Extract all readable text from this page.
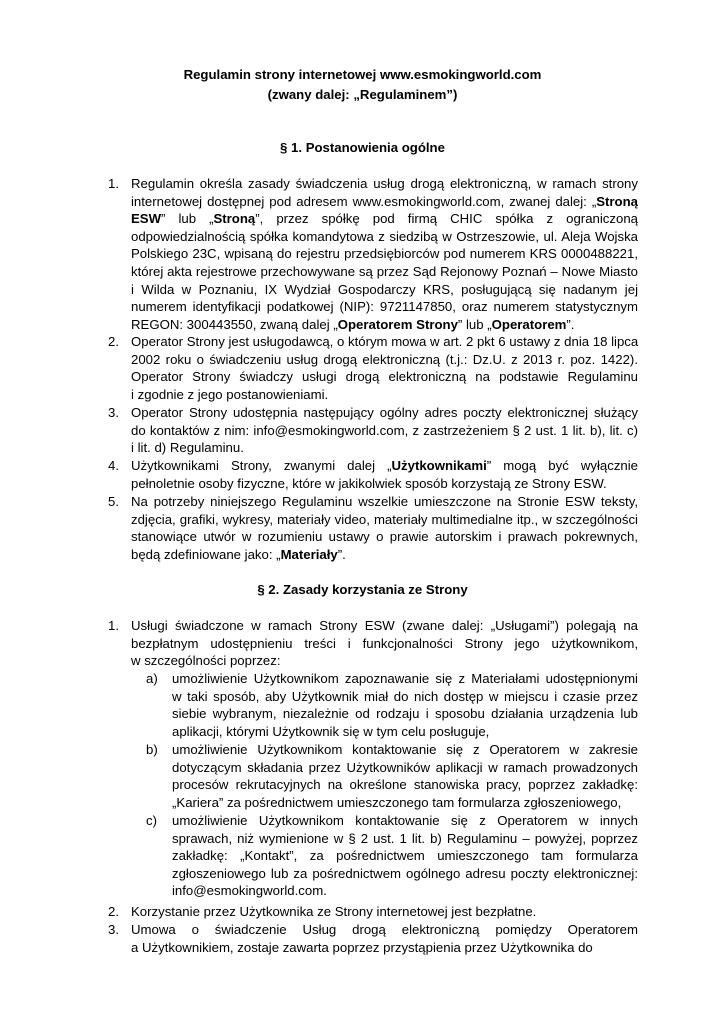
Regulamin strony internetowej www.esmokingworld.com
(zwany dalej: „Regulaminem”)
§ 1. Postanowienia ogólne
1. Regulamin określa zasady świadczenia usług drogą elektroniczną, w ramach strony
internetowej dostępnej pod adresem www.esmokingworld.com, zwanej dalej: „Stroną
ESW” lub „Stroną”, przez spółkę pod firmą CHIC spółka z ograniczoną
odpowiedzialnością spółka komandytowa z siedzibą w Ostrzeszowie, ul. Aleja Wojska
Polskiego 23C, wpisaną do rejestru przedsiębiorców pod numerem KRS 0000488221,
której akta rejestrowe przechowywane są przez Sąd Rejonowy Poznań – Nowe Miasto
i Wilda w Poznaniu, IX Wydział Gospodarczy KRS, posługującą się nadanym jej
numerem identyfikacji podatkowej (NIP): 9721147850, oraz numerem statystycznym
REGON: 300443550, zwaną dalej „Operatorem Strony” lub „Operatorem”.
2. Operator Strony jest usługodawcą, o którym mowa w art. 2 pkt 6 ustawy z dnia 18 lipca
2002 roku o świadczeniu usług drogą elektroniczną (t.j.: Dz.U. z 2013 r. poz. 1422).
Operator Strony świadczy usługi drogą elektroniczną na podstawie Regulaminu
i zgodnie z jego postanowieniami.
3. Operator Strony udostępnia następujący ogólny adres poczty elektronicznej służący
do kontaktów z nim: info@esmokingworld.com, z zastrzeżeniem § 2 ust. 1 lit. b), lit. c)
i lit. d) Regulaminu.
4. Użytkownikami Strony, zwanymi dalej „Użytkownikami” mogą być wyłącznie
pełnoletnie osoby fizyczne, które w jakikolwiek sposób korzystają ze Strony ESW.
5. Na potrzeby niniejszego Regulaminu wszelkie umieszczone na Stronie ESW teksty,
zdjęcia, grafiki, wykresy, materiały video, materiały multimedialne itp., w szczególności
stanowiące utwór w rozumieniu ustawy o prawie autorskim i prawach pokrewnych,
będą zdefiniowane jako: „Materiały”.
§ 2. Zasady korzystania ze Strony
1. Usługi świadczone w ramach Strony ESW (zwane dalej: „Usługami”) polegają na
bezpłatnym udostępnieniu treści i funkcjonalności Strony jego użytkownikom,
w szczególności poprzez:
a)	umożliwienie Użytkownikom zapoznawanie się z Materiałami udostępnionymi
w taki sposób, aby Użytkownik miał do nich dostęp w miejscu i czasie przez
siebie wybranym, niezależnie od rodzaju i sposobu działania urządzenia lub
aplikacji, którymi Użytkownik się w tym celu posługuje,
b)	umożliwienie Użytkownikom kontaktowanie się z Operatorem w zakresie
dotyczącym składania przez Użytkowników aplikacji w ramach prowadzonych
procesów rekrutacyjnych na określone stanowiska pracy, poprzez zakładkę:
„Kariera” za pośrednictwem umieszczonego tam formularza zgłoszeniowego,
c)	umożliwienie Użytkownikom kontaktowanie się z Operatorem w innych
sprawach, niż wymienione w § 2 ust. 1 lit. b) Regulaminu – powyżej, poprzez
zakładkę: „Kontakt”, za pośrednictwem umieszczonego tam formularza
zgłoszeniowego lub za pośrednictwem ogólnego adresu poczty elektronicznej:
info@esmokingworld.com.
2. Korzystanie przez Użytkownika ze Strony internetowej jest bezpłatne.
3. Umowa o świadczenie Usług drogą elektroniczną pomiędzy Operatorem
a Użytkownikiem, zostaje zawarta poprzez przystąpienia przez Użytkownika do
